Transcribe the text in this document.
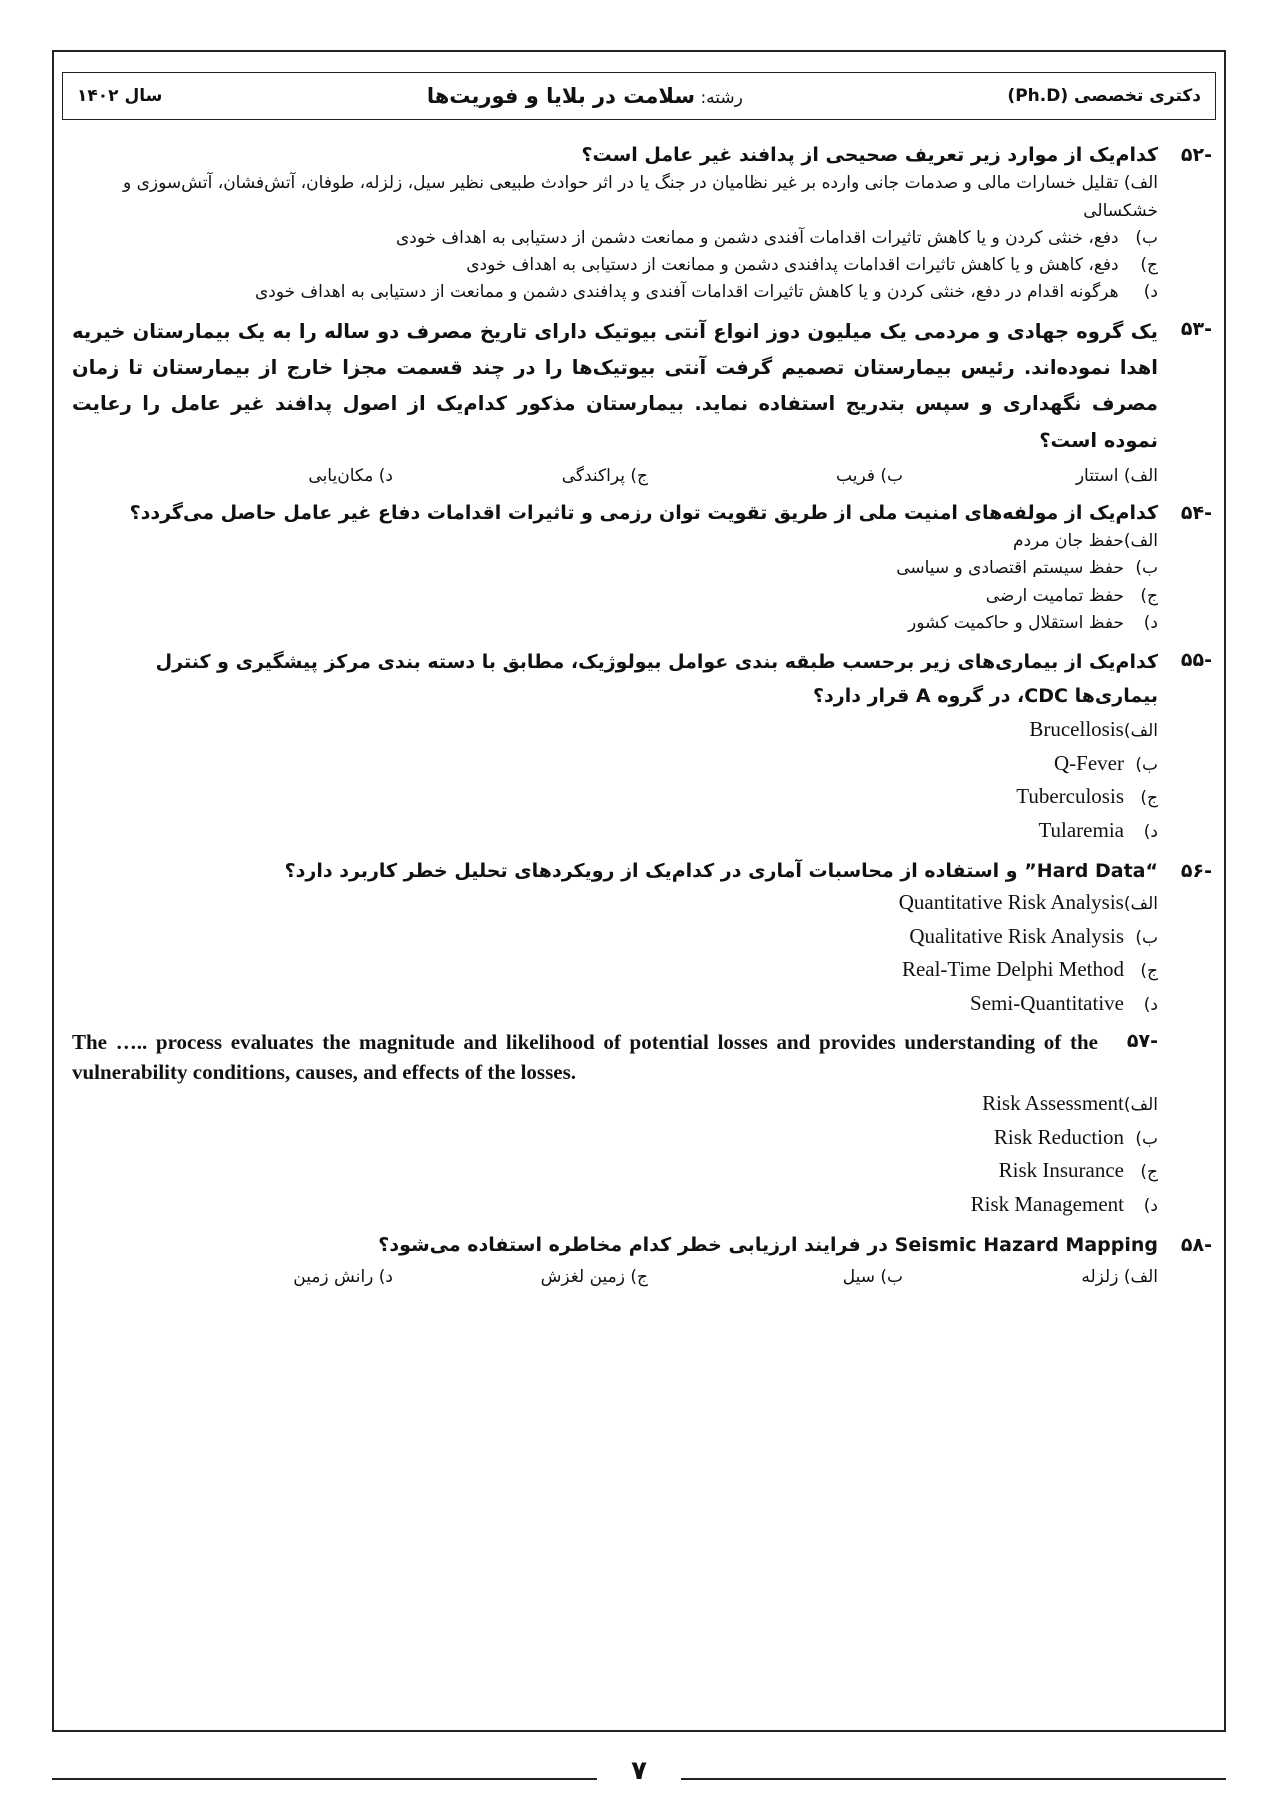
دکتری تخصصی (Ph.D)
رشته: سلامت در بلایا و فوریت‌ها
سال ۱۴۰۲
-۵۲
کدام‌یک از موارد زیر تعریف صحیحی از پدافند غیر عامل است؟
الف) تقلیل خسارات مالی و صدمات جانی وارده بر غیر نظامیان در جنگ یا در اثر حوادث طبیعی نظیر سیل، زلزله، طوفان، آتش‌فشان، آتش‌سوزی و خشکسالی
ب) دفع، خنثی کردن و یا کاهش تاثیرات اقدامات آفندی دشمن و ممانعت دشمن از دستیابی به اهداف خودی
ج) دفع، کاهش و یا کاهش تاثیرات اقدامات پدافندی دشمن و ممانعت از دستیابی به اهداف خودی
د) هرگونه اقدام در دفع، خنثی کردن و یا کاهش تاثیرات اقدامات آفندی و پدافندی دشمن و ممانعت از دستیابی به اهداف خودی
-۵۳
یک گروه جهادی و مردمی یک میلیون دوز انواع آنتی بیوتیک دارای تاریخ مصرف دو ساله را به یک بیمارستان خیریه اهدا نموده‌اند. رئیس بیمارستان تصمیم گرفت آنتی بیوتیک‌ها را در چند قسمت مجزا خارج از بیمارستان تا زمان مصرف نگهداری و سپس بتدریج استفاده نماید. بیمارستان مذکور کدام‌یک از اصول پدافند غیر عامل را رعایت نموده است؟
الف) استتار
ب) فریب
ج) پراکندگی
د) مکان‌یابی
-۵۴
کدام‌یک از مولفه‌های امنیت ملی از طریق تقویت توان رزمی و تاثیرات اقدامات دفاع غیر عامل حاصل می‌گردد؟
الف)حفظ جان مردم
ب)حفظ سیستم اقتصادی و سیاسی
ج)حفظ تمامیت ارضی
د)حفظ استقلال و حاکمیت کشور
-۵۵
کدام‌یک از بیماری‌های زیر برحسب طبقه بندی عوامل بیولوژیک، مطابق با دسته بندی مرکز پیشگیری و کنترل بیماری‌ها CDC، در گروه A قرار دارد؟
الف)Brucellosis
ب)Q-Fever
ج)Tuberculosis
د)Tularemia
-۵۶
“Hard Data” و استفاده از محاسبات آماری در کدام‌یک از رویکردهای تحلیل خطر کاربرد دارد؟
الف)Quantitative Risk Analysis
ب)Qualitative Risk Analysis
ج)Real-Time Delphi Method
د)Semi-Quantitative
-۵۷
The ….. process evaluates the magnitude and likelihood of potential losses and provides understanding of the vulnerability conditions, causes, and effects of the losses.
الف)Risk Assessment
ب)Risk Reduction
ج)Risk Insurance
د)Risk Management
-۵۸
Seismic Hazard Mapping در فرایند ارزیابی خطر کدام مخاطره استفاده می‌شود؟
الف) زلزله
ب) سیل
ج) زمین لغزش
د) رانش زمین
۷
